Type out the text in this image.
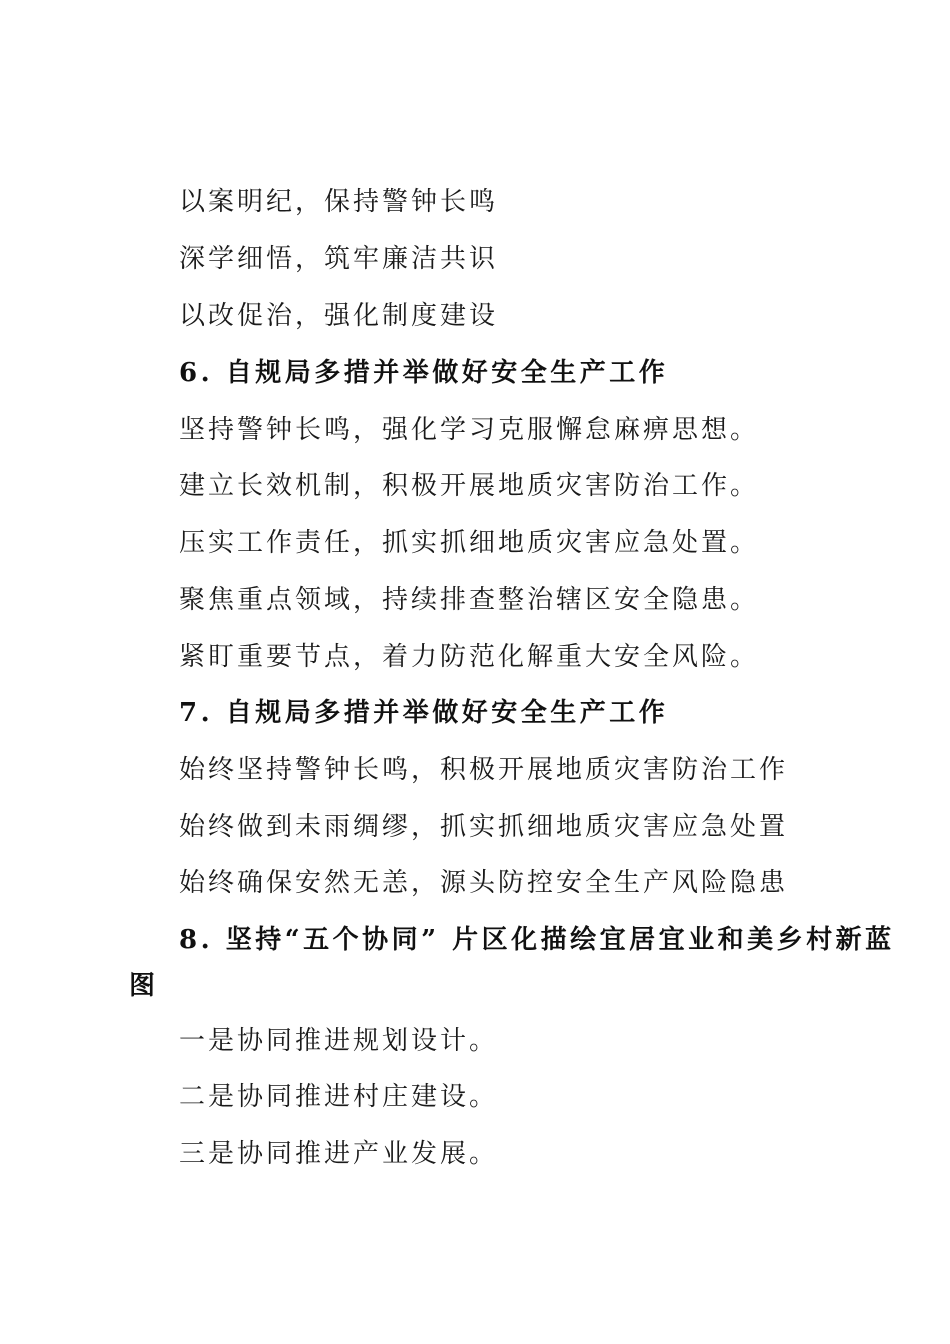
以案明纪，保持警钟长鸣
深学细悟，筑牢廉洁共识
以改促治，强化制度建设
6. 自规局多措并举做好安全生产工作
坚持警钟长鸣，强化学习克服懈怠麻痹思想。
建立长效机制，积极开展地质灾害防治工作。
压实工作责任，抓实抓细地质灾害应急处置。
聚焦重点领域，持续排查整治辖区安全隐患。
紧盯重要节点，着力防范化解重大安全风险。
7. 自规局多措并举做好安全生产工作
始终坚持警钟长鸣，积极开展地质灾害防治工作
始终做到未雨绸缪，抓实抓细地质灾害应急处置
始终确保安然无恙，源头防控安全生产风险隐患
8. 坚持“五个协同” 片区化描绘宜居宜业和美乡村新蓝
图
一是协同推进规划设计。
二是协同推进村庄建设。
三是协同推进产业发展。
